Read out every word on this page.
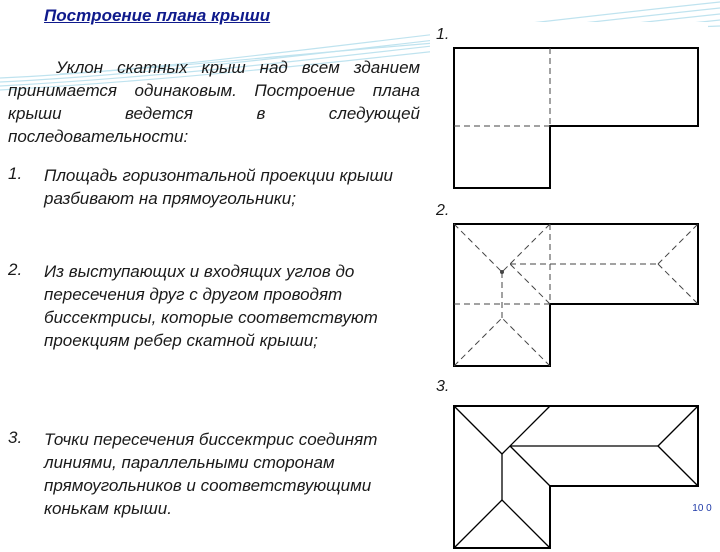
Построение плана крыши

Уклон скатных крыш над всем зданием принимается одинаковым. Построение плана крыши ведется в следующей последовательности:

1. Площадь горизонтальной проекции крыши разбивают на прямоугольники;
2. Из выступающих и входящих углов до пересечения друг с другом проводят биссектрисы, которые соответствуют проекциям ребер скатной крыши;
3. Точки пересечения биссектрис соединят линиями, параллельными сторонам прямоугольников и соответствующими конькам крыши.
1.
2.
3.
10 0
